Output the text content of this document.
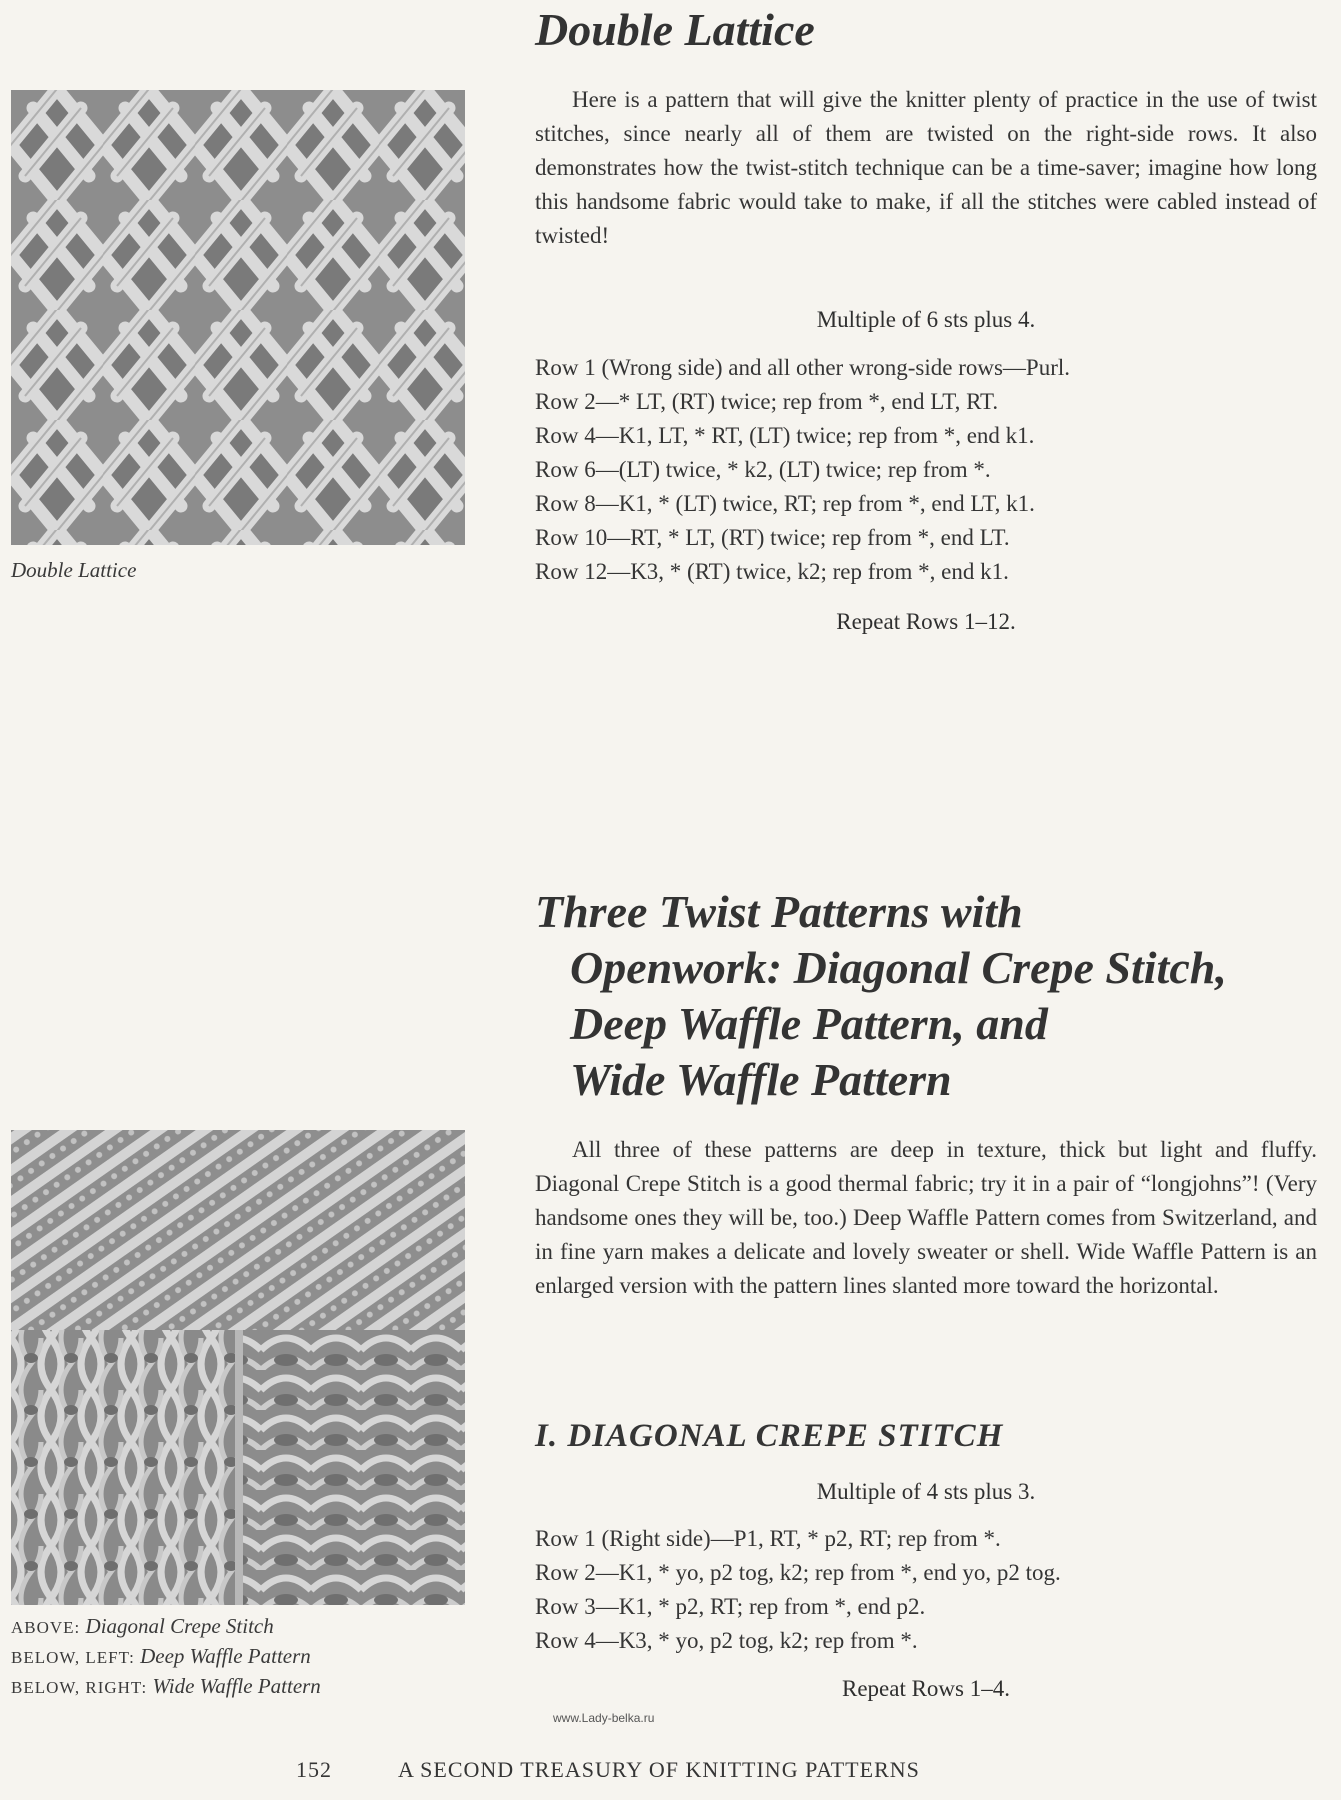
Double Lattice
Double Lattice

Here is a pattern that will give the knitter plenty of practice in the use of twist stitches, since nearly all of them are twisted on the right-side rows. It also demonstrates how the twist-stitch technique can be a time-saver; imagine how long this handsome fabric would take to make, if all the stitches were cabled instead of twisted!

Multiple of 6 sts plus 4.

Row 1 (Wrong side) and all other wrong-side rows—Purl.
Row 2—* LT, (RT) twice; rep from *, end LT, RT.
Row 4—K1, LT, * RT, (LT) twice; rep from *, end k1.
Row 6—(LT) twice, * k2, (LT) twice; rep from *.
Row 8—K1, * (LT) twice, RT; rep from *, end LT, k1.
Row 10—RT, * LT, (RT) twice; rep from *, end LT.
Row 12—K3, * (RT) twice, k2; rep from *, end k1.

Repeat Rows 1–12.

Three Twist Patterns with
Openwork: Diagonal Crepe Stitch,
Deep Waffle Pattern, and
Wide Waffle Pattern

All three of these patterns are deep in texture, thick but light and fluffy. Diagonal Crepe Stitch is a good thermal fabric; try it in a pair of “longjohns”! (Very handsome ones they will be, too.) Deep Waffle Pattern comes from Switzerland, and in fine yarn makes a delicate and lovely sweater or shell. Wide Waffle Pattern is an enlarged version with the pattern lines slanted more toward the horizontal.

ABOVE: Diagonal Crepe Stitch
BELOW, LEFT: Deep Waffle Pattern
BELOW, RIGHT: Wide Waffle Pattern
I. DIAGONAL CREPE STITCH

Multiple of 4 sts plus 3.

Row 1 (Right side)—P1, RT, * p2, RT; rep from *.
Row 2—K1, * yo, p2 tog, k2; rep from *, end yo, p2 tog.
Row 3—K1, * p2, RT; rep from *, end p2.
Row 4—K3, * yo, p2 tog, k2; rep from *.

Repeat Rows 1–4.

www.Lady-belka.ru
152	A SECOND TREASURY OF KNITTING PATTERNS
